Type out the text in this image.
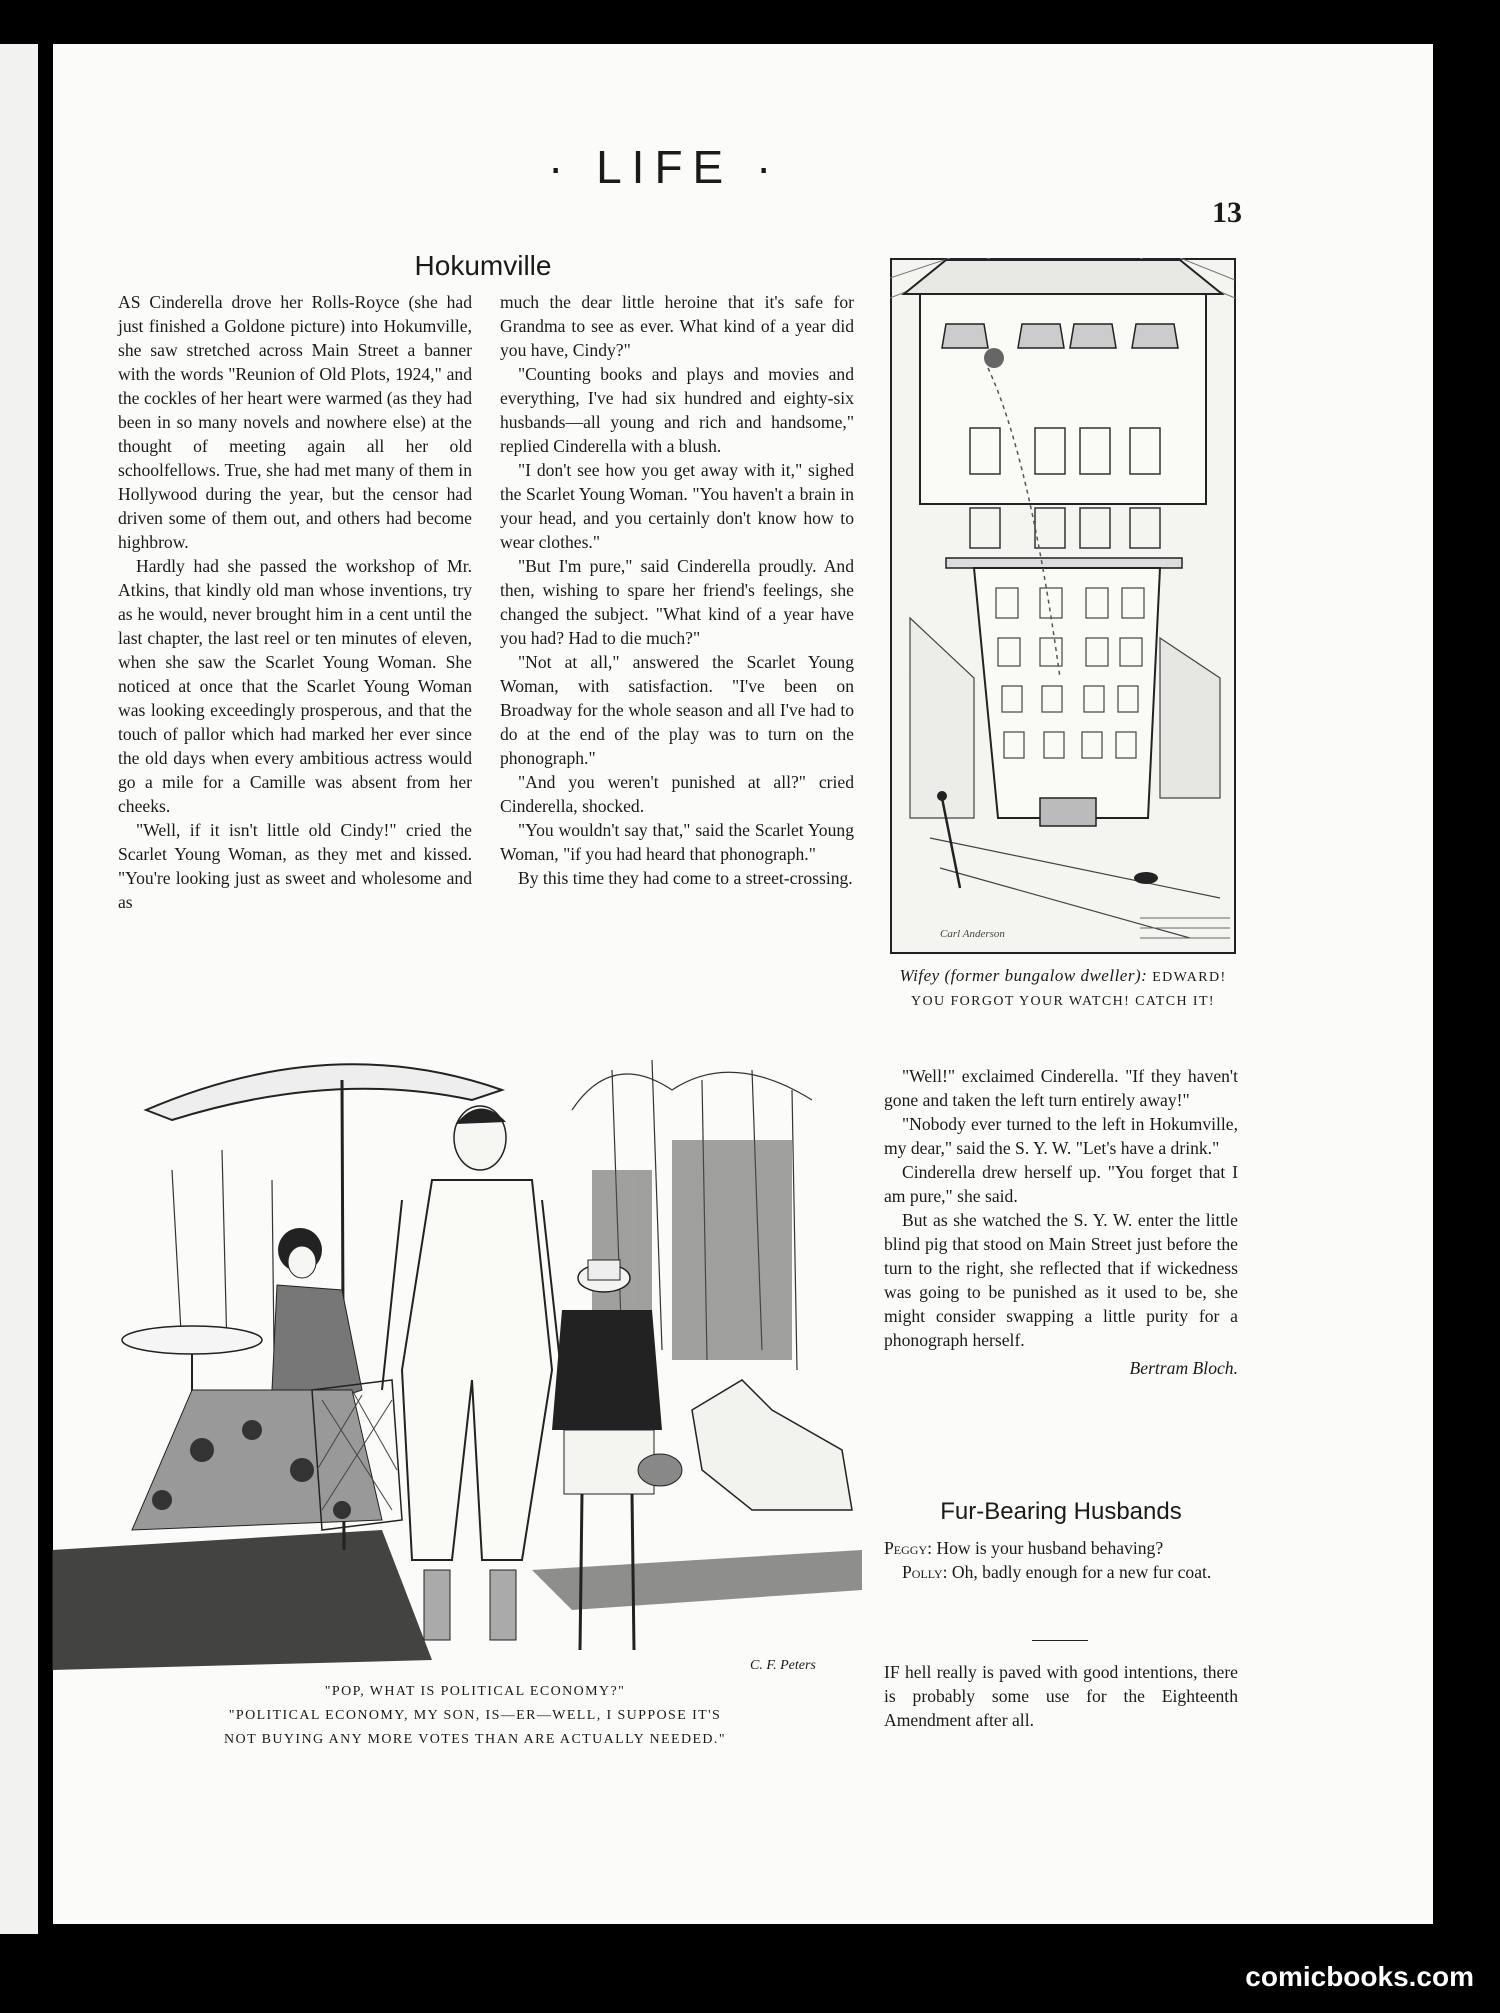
· LIFE ·
13
Hokumville

AS Cinderella drove her Rolls-Royce (she had just finished a Goldone picture) into Hokumville, she saw stretched across Main Street a banner with the words "Reunion of Old Plots, 1924," and the cockles of her heart were warmed (as they had been in so many novels and nowhere else) at the thought of meeting again all her old schoolfellows. True, she had met many of them in Hollywood during the year, but the censor had driven some of them out, and others had become highbrow.

Hardly had she passed the workshop of Mr. Atkins, that kindly old man whose inventions, try as he would, never brought him in a cent until the last chapter, the last reel or ten minutes of eleven, when she saw the Scarlet Young Woman. She noticed at once that the Scarlet Young Woman was looking exceedingly prosperous, and that the touch of pallor which had marked her ever since the old days when every ambitious actress would go a mile for a Camille was absent from her cheeks.

"Well, if it isn't little old Cindy!" cried the Scarlet Young Woman, as they met and kissed. "You're looking just as sweet and wholesome and as

much the dear little heroine that it's safe for Grandma to see as ever. What kind of a year did you have, Cindy?"

"Counting books and plays and movies and everything, I've had six hundred and eighty-six husbands—all young and rich and handsome," replied Cinderella with a blush.

"I don't see how you get away with it," sighed the Scarlet Young Woman. "You haven't a brain in your head, and you certainly don't know how to wear clothes."

"But I'm pure," said Cinderella proudly. And then, wishing to spare her friend's feelings, she changed the subject. "What kind of a year have you had? Had to die much?"

"Not at all," answered the Scarlet Young Woman, with satisfaction. "I've been on Broadway for the whole season and all I've had to do at the end of the play was to turn on the phonograph."

"And you weren't punished at all?" cried Cinderella, shocked.

"You wouldn't say that," said the Scarlet Young Woman, "if you had heard that phonograph."

By this time they had come to a street-crossing.

Carl Anderson
Wifey (former bungalow dweller): EDWARD! YOU FORGOT YOUR WATCH! CATCH IT!
C. F. Peters
"POP, WHAT IS POLITICAL ECONOMY?"
"POLITICAL ECONOMY, MY SON, IS—ER—WELL, I SUPPOSE IT'S
NOT BUYING ANY MORE VOTES THAN ARE ACTUALLY NEEDED."

"Well!" exclaimed Cinderella. "If they haven't gone and taken the left turn entirely away!"

"Nobody ever turned to the left in Hokumville, my dear," said the S. Y. W. "Let's have a drink."

Cinderella drew herself up. "You forget that I am pure," she said.

But as she watched the S. Y. W. enter the little blind pig that stood on Main Street just before the turn to the right, she reflected that if wickedness was going to be punished as it used to be, she might consider swapping a little purity for a phonograph herself.

Bertram Bloch.

Fur-Bearing Husbands

Peggy: How is your husband behaving?

Polly: Oh, badly enough for a new fur coat.

IF hell really is paved with good intentions, there is probably some use for the Eighteenth Amendment after all.

comicbooks.com
